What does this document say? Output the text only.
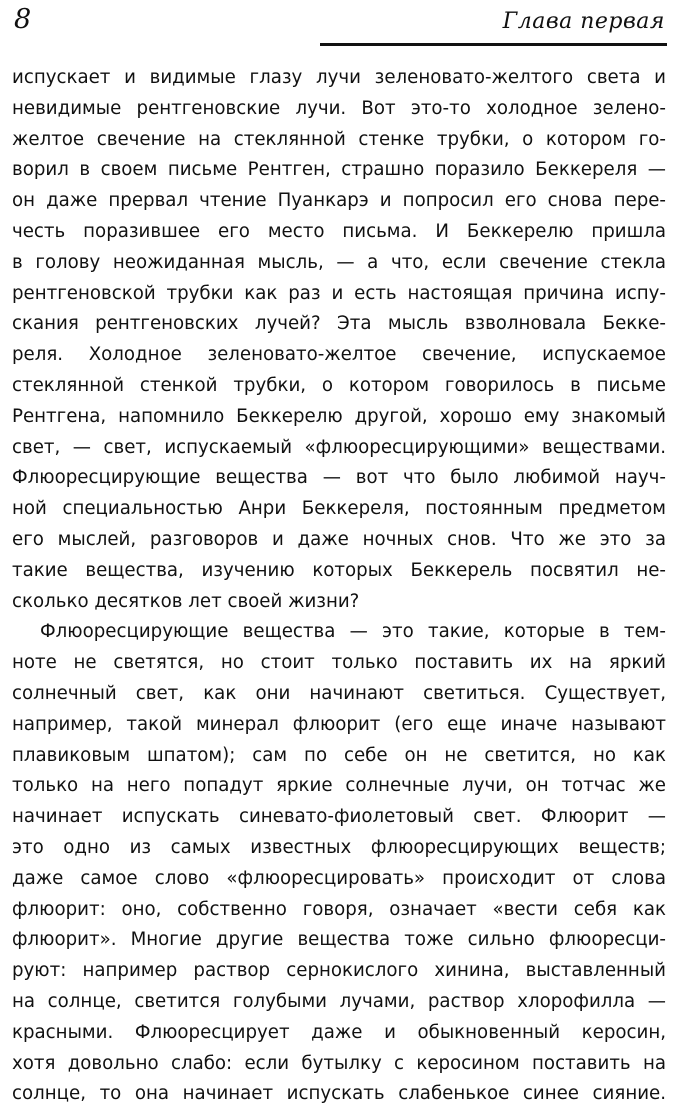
8	Глава первая
испускает и видимые глазу лучи зеленовато-желтого света и
невидимые рентгеновские лучи. Вот это-то холодное зелено-
желтое свечение на стеклянной стенке трубки, о котором го-
ворил в своем письме Рентген, страшно поразило Беккереля —
он даже прервал чтение Пуанкарэ и попросил его снова пере-
честь поразившее его место письма. И Беккерелю пришла
в голову неожиданная мысль, — а что, если свечение стекла
рентгеновской трубки как раз и есть настоящая причина испу-
скания рентгеновских лучей? Эта мысль взволновала Бекке-
реля. Холодное зеленовато-желтое свечение, испускаемое
стеклянной стенкой трубки, о котором говорилось в письме
Рентгена, напомнило Беккерелю другой, хорошо ему знакомый
свет, — свет, испускаемый «флюоресцирующими» веществами.
Флюоресцирующие вещества — вот что было любимой науч-
ной специальностью Анри Беккереля, постоянным предметом
его мыслей, разговоров и даже ночных снов. Что же это за
такие вещества, изучению которых Беккерель посвятил не-
сколько десятков лет своей жизни?
Флюоресцирующие вещества — это такие, которые в тем-
ноте не светятся, но стоит только поставить их на яркий
солнечный свет, как они начинают светиться. Существует,
например, такой минерал флюорит (его еще иначе называют
плавиковым шпатом); сам по себе он не светится, но как
только на него попадут яркие солнечные лучи, он тотчас же
начинает испускать синевато-фиолетовый свет. Флюорит —
это одно из самых известных флюоресцирующих веществ;
даже самое слово «флюоресцировать» происходит от слова
флюорит: оно, собственно говоря, означает «вести себя как
флюорит». Многие другие вещества тоже сильно флюоресци-
руют: например раствор сернокислого хинина, выставленный
на солнце, светится голубыми лучами, раствор хлорофилла —
красными. Флюоресцирует даже и обыкновенный керосин,
хотя довольно слабо: если бутылку с керосином поставить на
солнце, то она начинает испускать слабенькое синее сияние.
